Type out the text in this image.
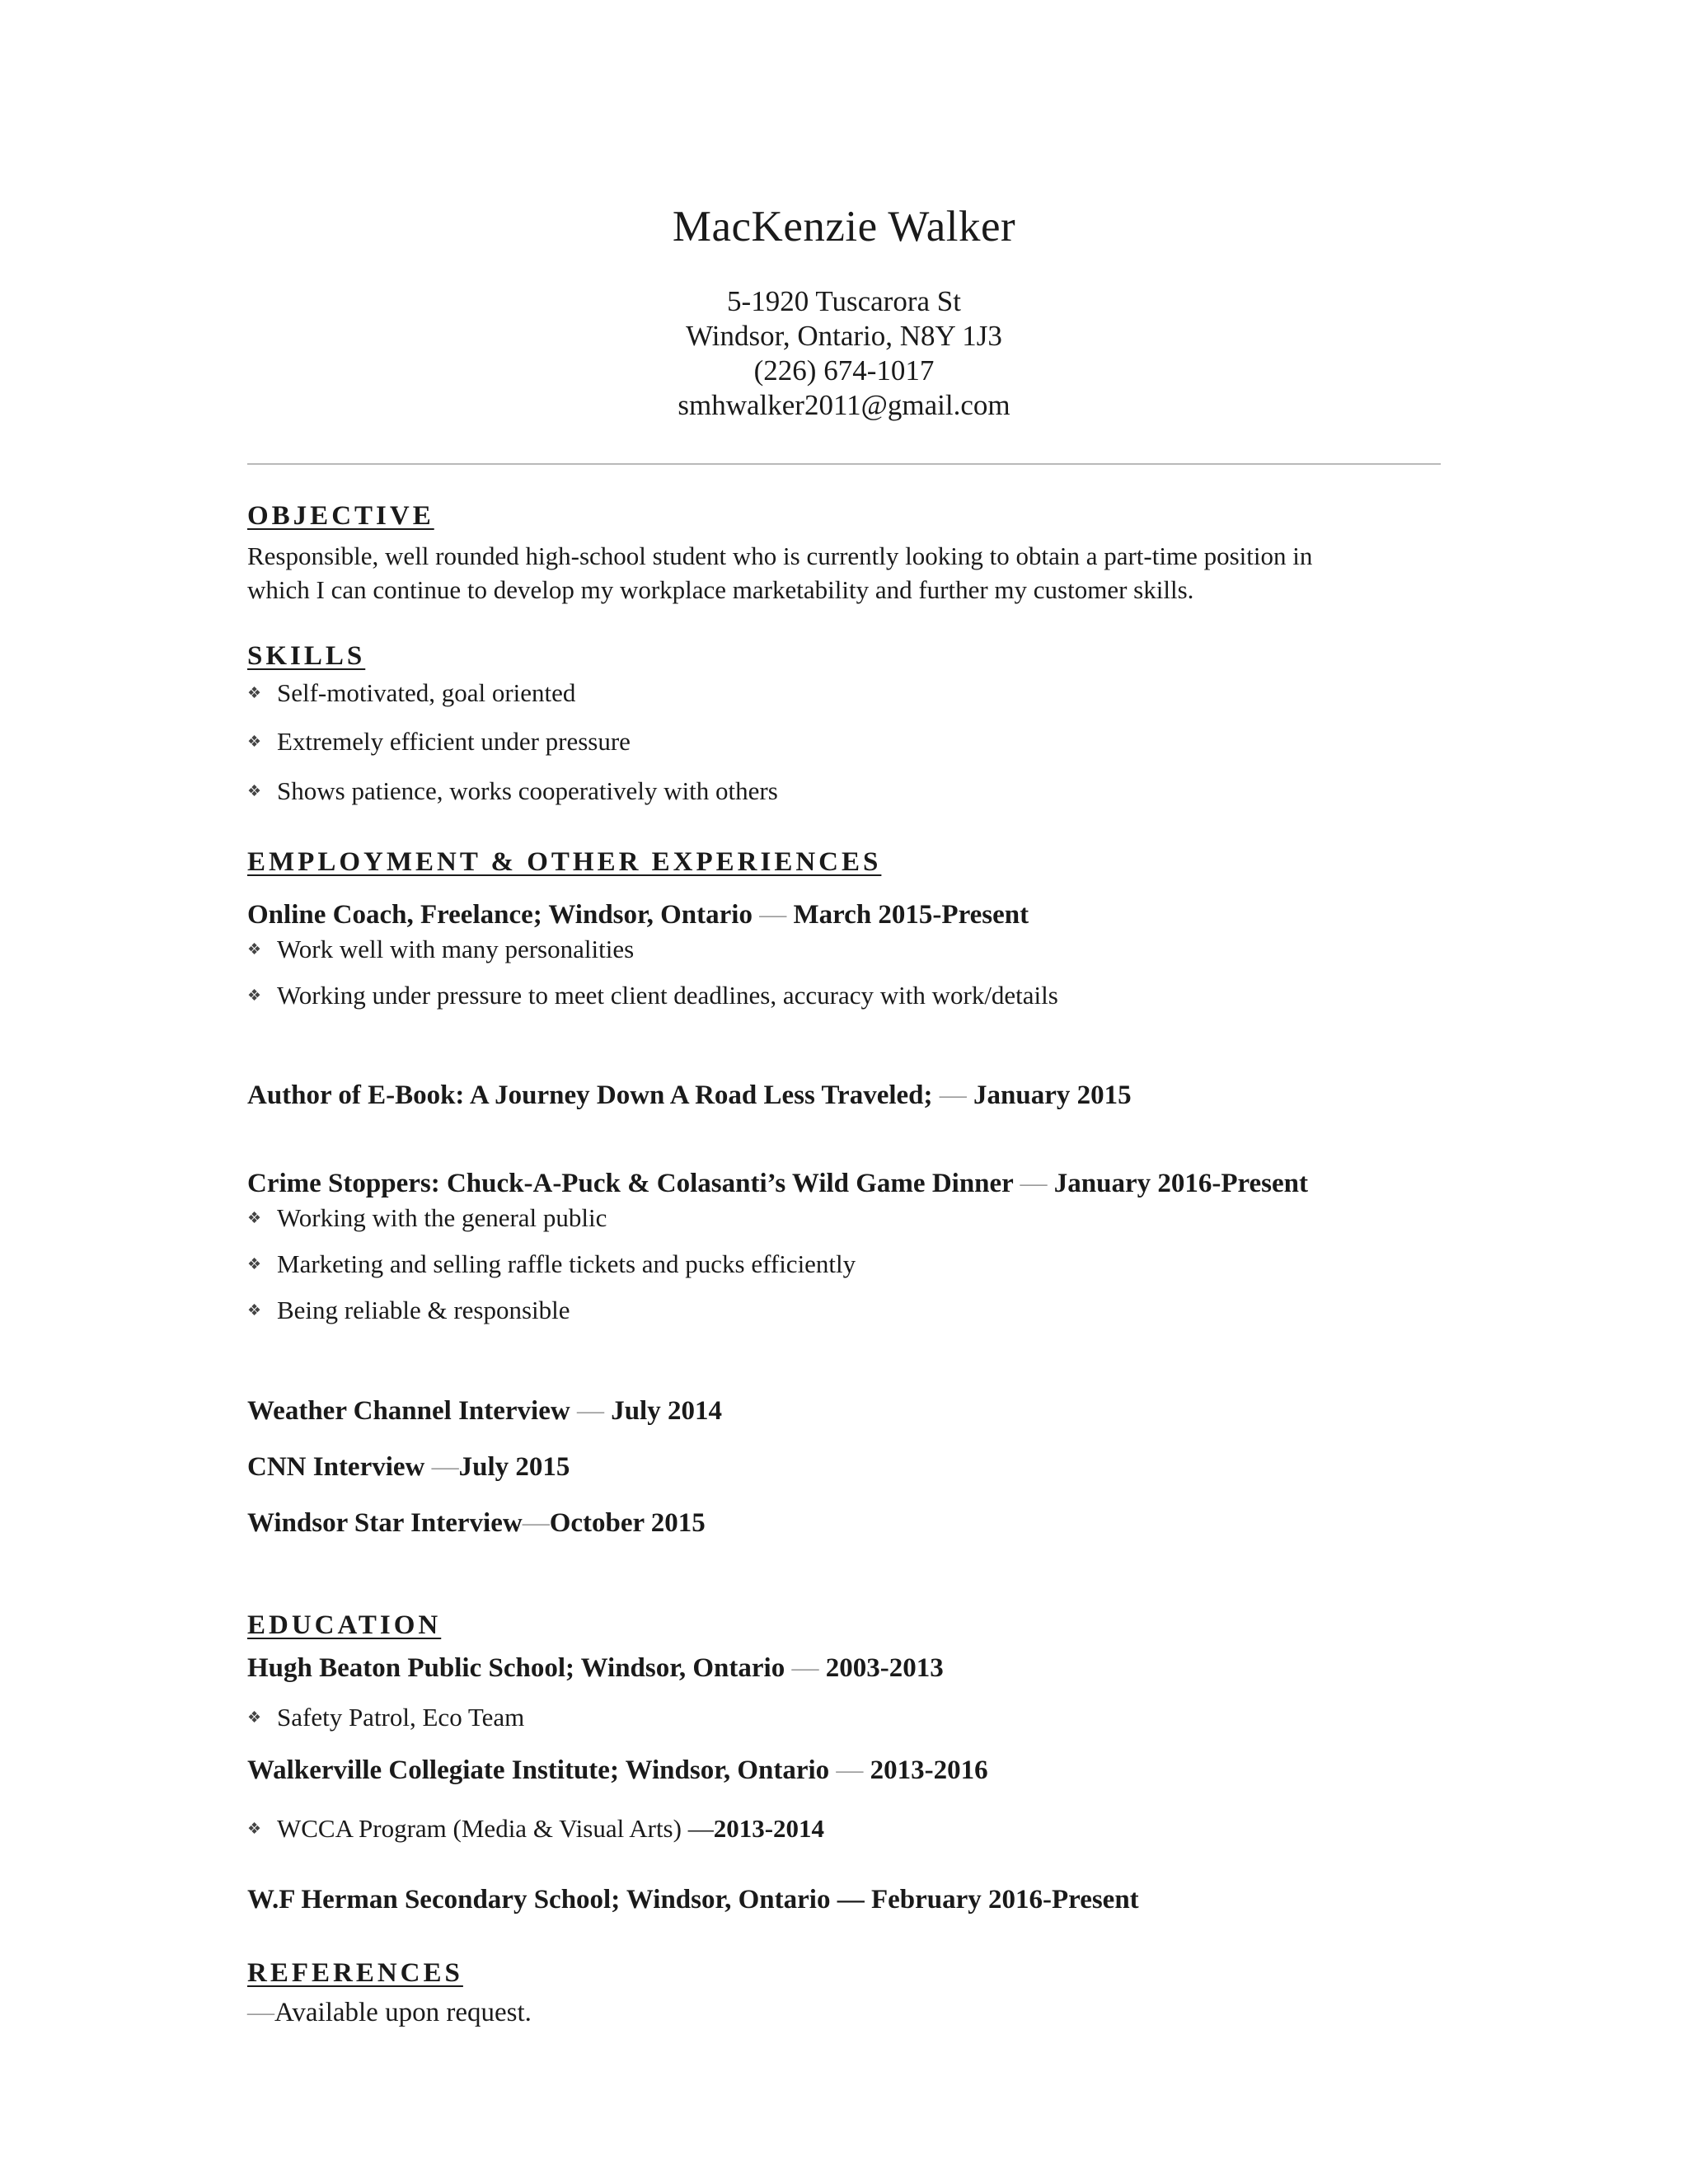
MacKenzie Walker
5-1920 Tuscarora St
Windsor, Ontario, N8Y 1J3
(226) 674-1017
smhwalker2011@gmail.com
OBJECTIVE
Responsible, well rounded high-school student who is currently looking to obtain a part-time position in
which I can continue to develop my workplace marketability and further my customer skills.
SKILLS
❖ Self-motivated, goal oriented
❖ Extremely efficient under pressure
❖ Shows patience, works cooperatively with others
EMPLOYMENT & OTHER EXPERIENCES
Online Coach, Freelance; Windsor, Ontario — March 2015-Present
❖ Work well with many personalities
❖ Working under pressure to meet client deadlines, accuracy with work/details
Author of E-Book: A Journey Down A Road Less Traveled; — January 2015
Crime Stoppers: Chuck-A-Puck & Colasanti’s Wild Game Dinner — January 2016-Present
❖ Working with the general public
❖ Marketing and selling raffle tickets and pucks efficiently
❖ Being reliable & responsible
Weather Channel Interview — July 2014
CNN Interview —July 2015
Windsor Star Interview—October 2015
EDUCATION
Hugh Beaton Public School; Windsor, Ontario — 2003-2013
❖ Safety Patrol, Eco Team
Walkerville Collegiate Institute; Windsor, Ontario — 2013-2016
❖ WCCA Program (Media & Visual Arts) —2013-2014
W.F Herman Secondary School; Windsor, Ontario — February 2016-Present
REFERENCES
—Available upon request.
